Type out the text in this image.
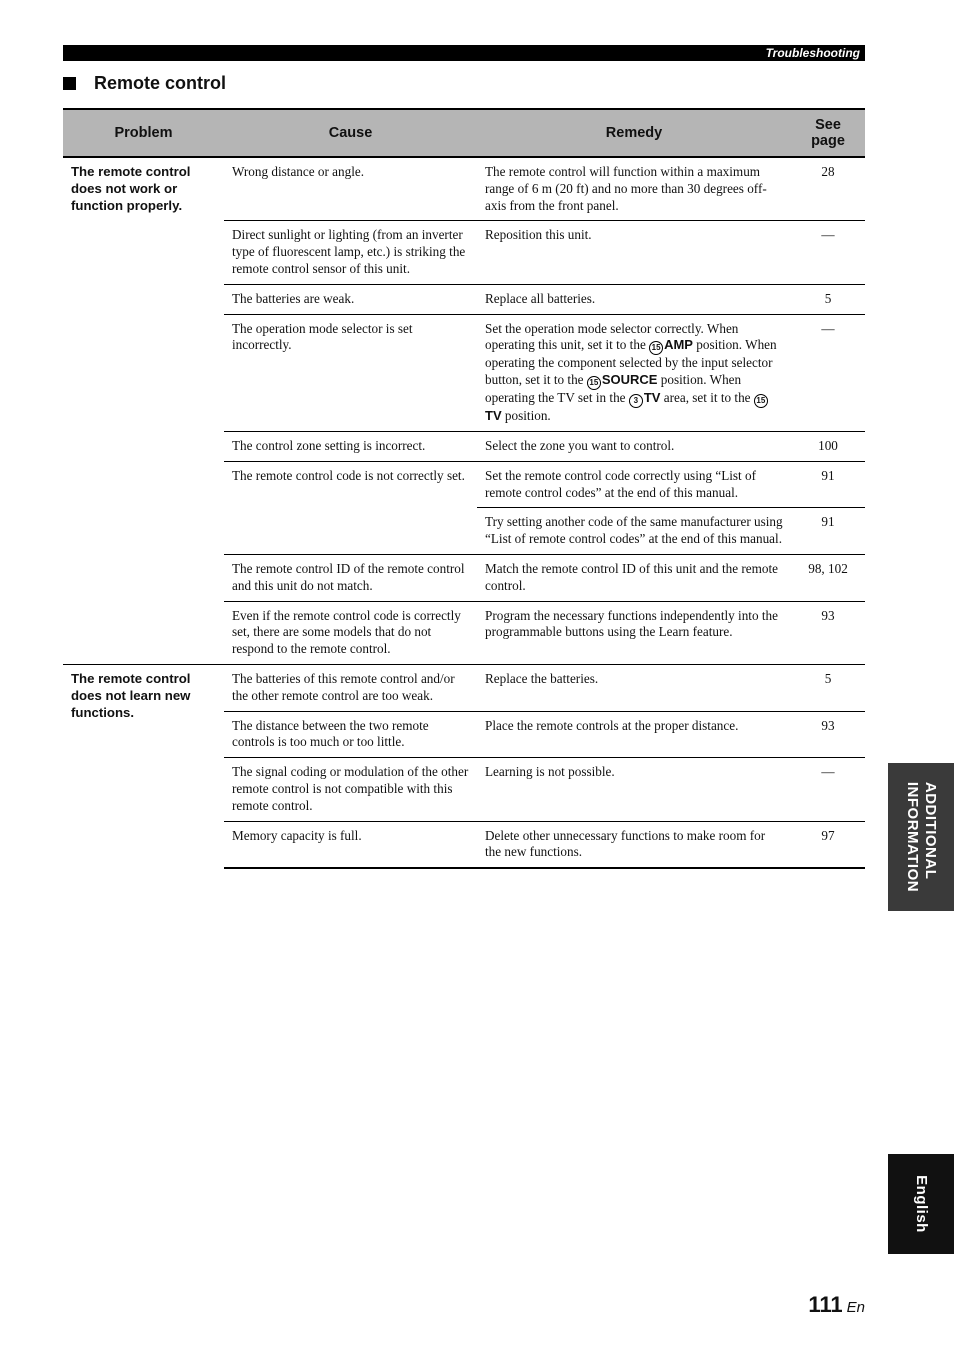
Troubleshooting
Remote control
Problem	Cause	Remedy	See page
The remote control does not work or function properly.	Wrong distance or angle.	The remote control will function within a maximum range of 6 m (20 ft) and no more than 30 degrees off-axis from the front panel.	28
	Direct sunlight or lighting (from an inverter type of fluorescent lamp, etc.) is striking the remote control sensor of this unit.	Reposition this unit.	—
	The batteries are weak.	Replace all batteries.	5
	The operation mode selector is set incorrectly.	Set the operation mode selector correctly. When operating this unit, set it to the 15 AMP position. When operating the component selected by the input selector button, set it to the 15 SOURCE position. When operating the TV set in the 3 TV area, set it to the 15TV position.	—
	The control zone setting is incorrect.	Select the zone you want to control.	100
	The remote control code is not correctly set.	Set the remote control code correctly using “List of remote control codes” at the end of this manual.	91
		Try setting another code of the same manufacturer using “List of remote control codes” at the end of this manual.	91
	The remote control ID of the remote control and this unit do not match.	Match the remote control ID of this unit and the remote control.	98, 102
	Even if the remote control code is correctly set, there are some models that do not respond to the remote control.	Program the necessary functions independently into the programmable buttons using the Learn feature.	93
The remote control does not learn new functions.	The batteries of this remote control and/or the other remote control are too weak.	Replace the batteries.	5
	The distance between the two remote controls is too much or too little.	Place the remote controls at the proper distance.	93
	The signal coding or modulation of the other remote control is not compatible with this remote control.	Learning is not possible.	—
	Memory capacity is full.	Delete other unnecessary functions to make room for the new functions.	97	ADDITIONAL
INFORMATION
English
111 En
